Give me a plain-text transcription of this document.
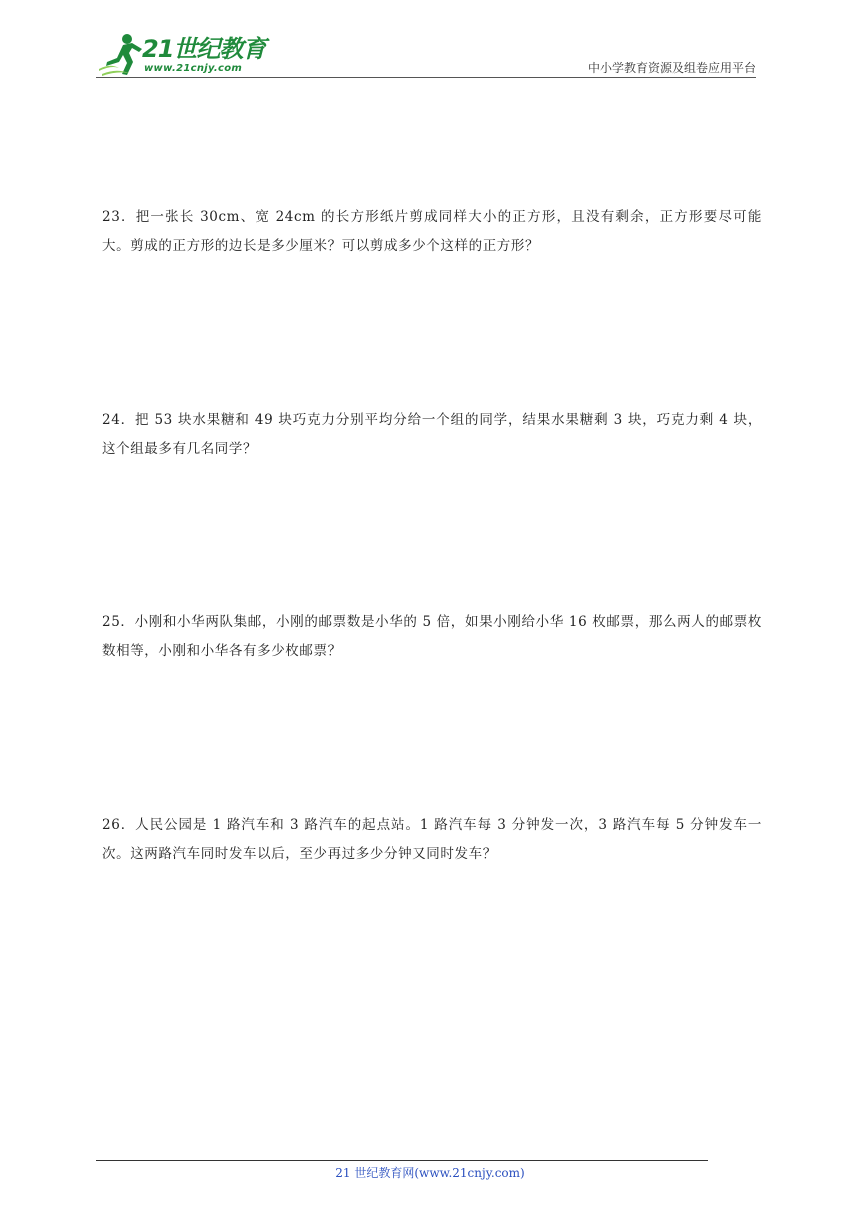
21世纪教育
www.21cnjy.com	中小学教育资源及组卷应用平台

23．把一张长 30cm、宽 24cm 的长方形纸片剪成同样大小的正方形，且没有剩余，正方形要尽可能大。剪成的正方形的边长是多少厘米？可以剪成多少个这样的正方形？

24．把 53 块水果糖和 49 块巧克力分别平均分给一个组的同学，结果水果糖剩 3 块，巧克力剩 4 块，这个组最多有几名同学？

25．小刚和小华两队集邮，小刚的邮票数是小华的 5 倍，如果小刚给小华 16 枚邮票，那么两人的邮票枚数相等，小刚和小华各有多少枚邮票？

26．人民公园是 1 路汽车和 3 路汽车的起点站。1 路汽车每 3 分钟发一次，3 路汽车每 5 分钟发车一次。这两路汽车同时发车以后，至少再过多少分钟又同时发车？

21 世纪教育网(www.21cnjy.com)
